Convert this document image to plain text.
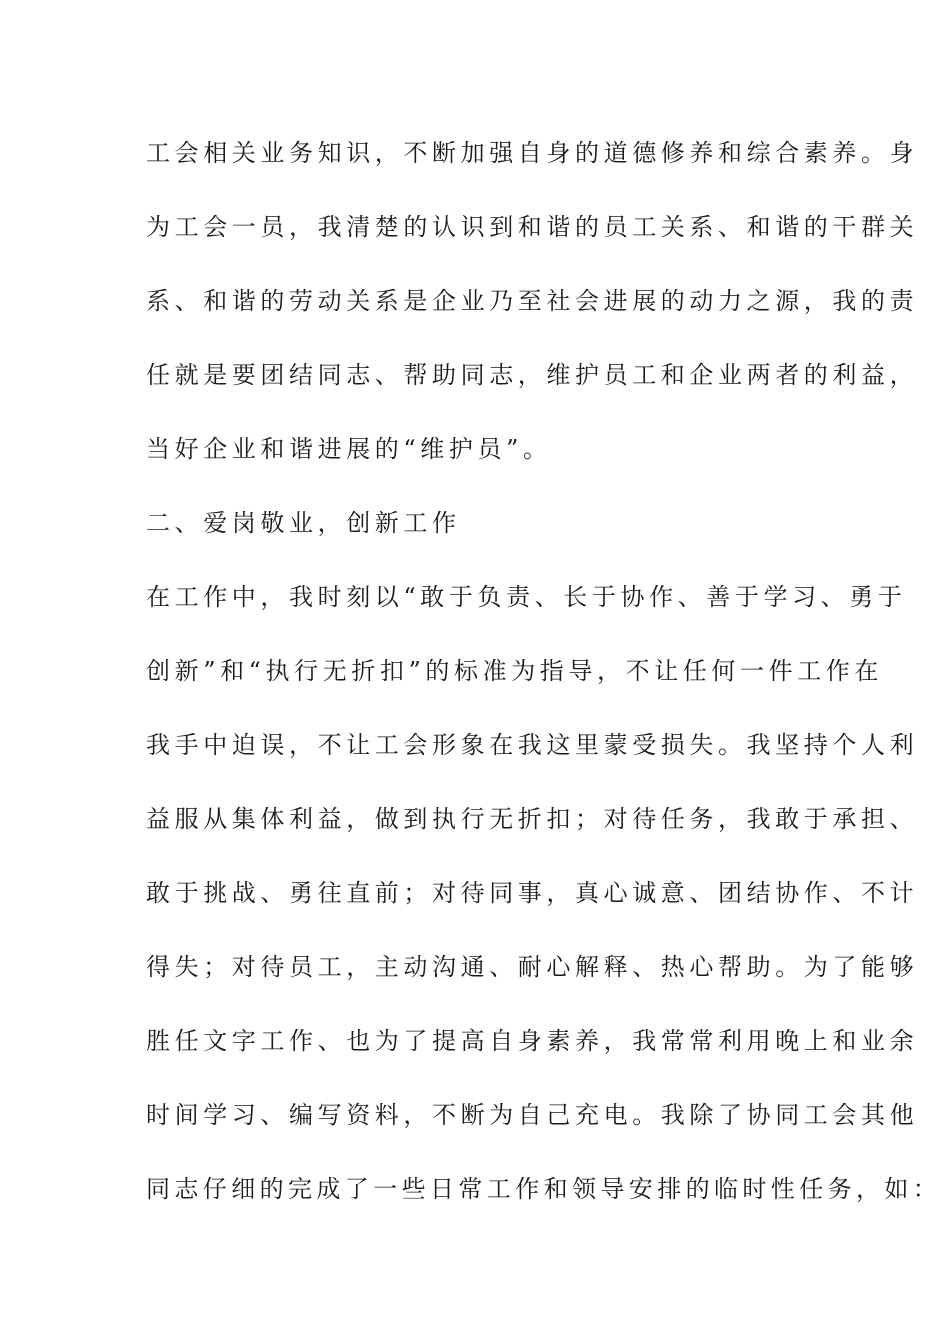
工会相关业务知识，不断加强自身的道德修养和综合素养。身
为工会一员，我清楚的认识到和谐的员工关系、和谐的干群关
系、和谐的劳动关系是企业乃至社会进展的动力之源，我的责
任就是要团结同志、帮助同志，维护员工和企业两者的利益，
当好企业和谐进展的“维护员”。
二、爱岗敬业，创新工作
在工作中，我时刻以“敢于负责、长于协作、善于学习、勇于
创新”和“执行无折扣”的标准为指导，不让任何一件工作在
我手中迫误，不让工会形象在我这里蒙受损失。我坚持个人利
益服从集体利益，做到执行无折扣；对待任务，我敢于承担、
敢于挑战、勇往直前；对待同事，真心诚意、团结协作、不计
得失；对待员工，主动沟通、耐心解释、热心帮助。为了能够
胜任文字工作、也为了提高自身素养，我常常利用晚上和业余
时间学习、编写资料，不断为自己充电。我除了协同工会其他
同志仔细的完成了一些日常工作和领导安排的临时性任务，如：
